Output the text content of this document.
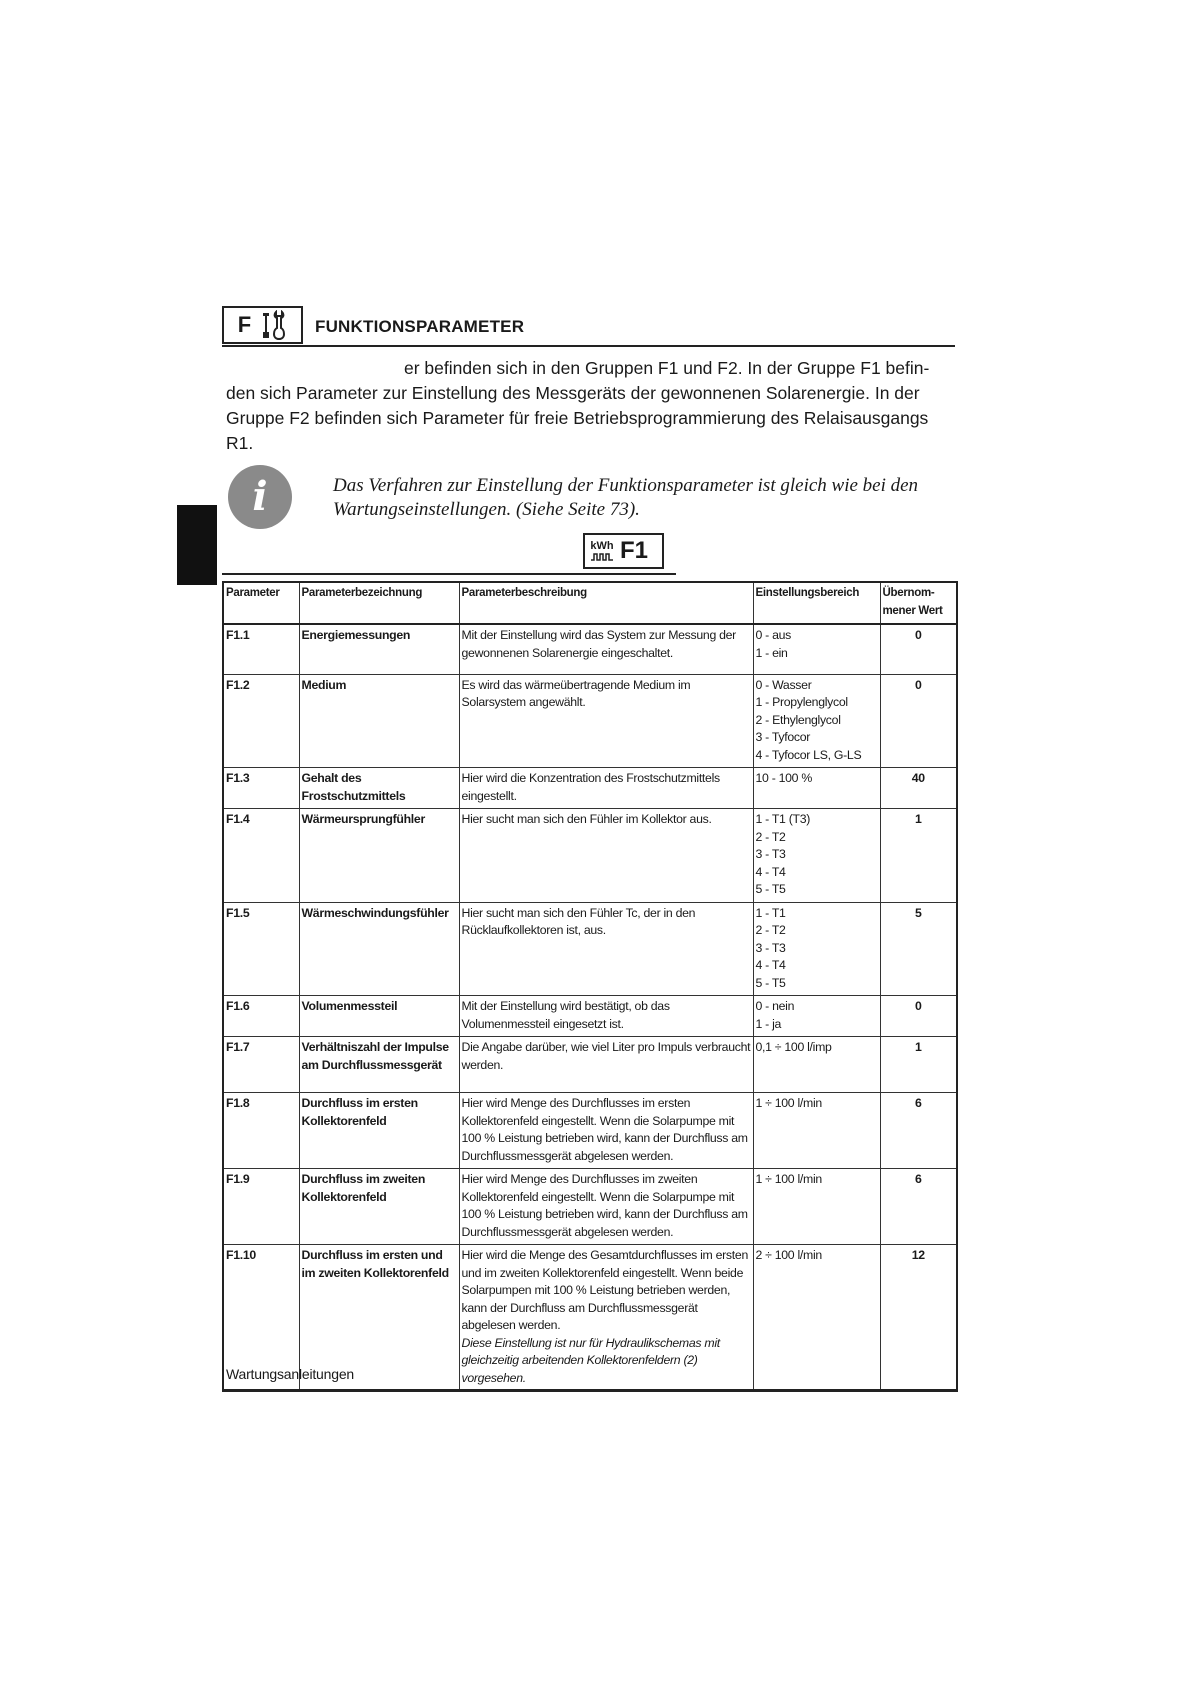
F	FUNKTIONSPARAMETER

er befinden sich in den Gruppen F1 und F2. In der Gruppe F1 befin-

den sich Parameter zur Einstellung des Messgeräts der gewonnenen Solarenergie. In der Gruppe F2 befinden sich Parameter für freie Betriebsprogrammierung des Relaisausgangs R1.

i	Das Verfahren zur Einstellung der Funktionsparameter ist gleich wie bei den Wartungseinstellungen. (Siehe Seite 73).
kWh F1
Parameter	Parameterbezeichnung	Parameterbeschreibung	Einstellungsbereich	Übernom-mener Wert
F1.1	Energiemessungen	Mit der Einstellung wird das System zur Messung der gewonnenen Solarenergie eingeschaltet.	0 - aus
1 - ein	0
F1.2	Medium	Es wird das wärmeübertragende Medium im Solarsystem angewählt.	0 - Wasser
1 - Propylenglycol
2 - Ethylenglycol
3 - Tyfocor
4 - Tyfocor LS, G-LS	0
F1.3	Gehalt des Frostschutzmittels	Hier wird die Konzentration des Frostschutzmittels eingestellt.	10 - 100 %	40
F1.4	Wärmeursprungfühler	Hier sucht man sich den Fühler im Kollektor aus.	1 - T1 (T3)
2 - T2
3 - T3
4 - T4
5 - T5	1
F1.5	Wärmeschwindungsfühler	Hier sucht man sich den Fühler Tc, der in den Rücklaufkollektoren ist, aus.	1 - T1
2 - T2
3 - T3
4 - T4
5 - T5	5
F1.6	Volumenmessteil	Mit der Einstellung wird bestätigt, ob das Volumenmessteil eingesetzt ist.	0 - nein
1 - ja	0
F1.7	Verhältniszahl der Impulse am Durchflussmessgerät	Die Angabe darüber, wie viel Liter pro Impuls verbraucht werden.	0,1 ÷ 100 l/imp	1
F1.8	Durchfluss im ersten Kollektorenfeld	Hier wird Menge des Durchflusses im ersten Kollektorenfeld eingestellt. Wenn die Solarpumpe mit 100 % Leistung betrieben wird, kann der Durchfluss am Durchflussmessgerät abgelesen werden.	1 ÷ 100 l/min	6
F1.9	Durchfluss im zweiten Kollektorenfeld	Hier wird Menge des Durchflusses im zweiten Kollektorenfeld eingestellt. Wenn die Solarpumpe mit 100 % Leistung betrieben wird, kann der Durchfluss am Durchflussmessgerät abgelesen werden.	1 ÷ 100 l/min	6
F1.10	Durchfluss im ersten und im zweiten Kollektorenfeld	Hier wird die Menge des Gesamtdurchflusses im ersten und im zweiten Kollektorenfeld eingestellt. Wenn beide Solarpumpen mit 100 % Leistung betrieben werden, kann der Durchfluss am Durchflussmessgerät abgelesen werden.
Diese Einstellung ist nur für Hydraulikschemas mit gleichzeitig arbeitenden Kollektorenfeldern (2) vorgesehen.	2 ÷ 100 l/min	12
Wartungsanleitungen
